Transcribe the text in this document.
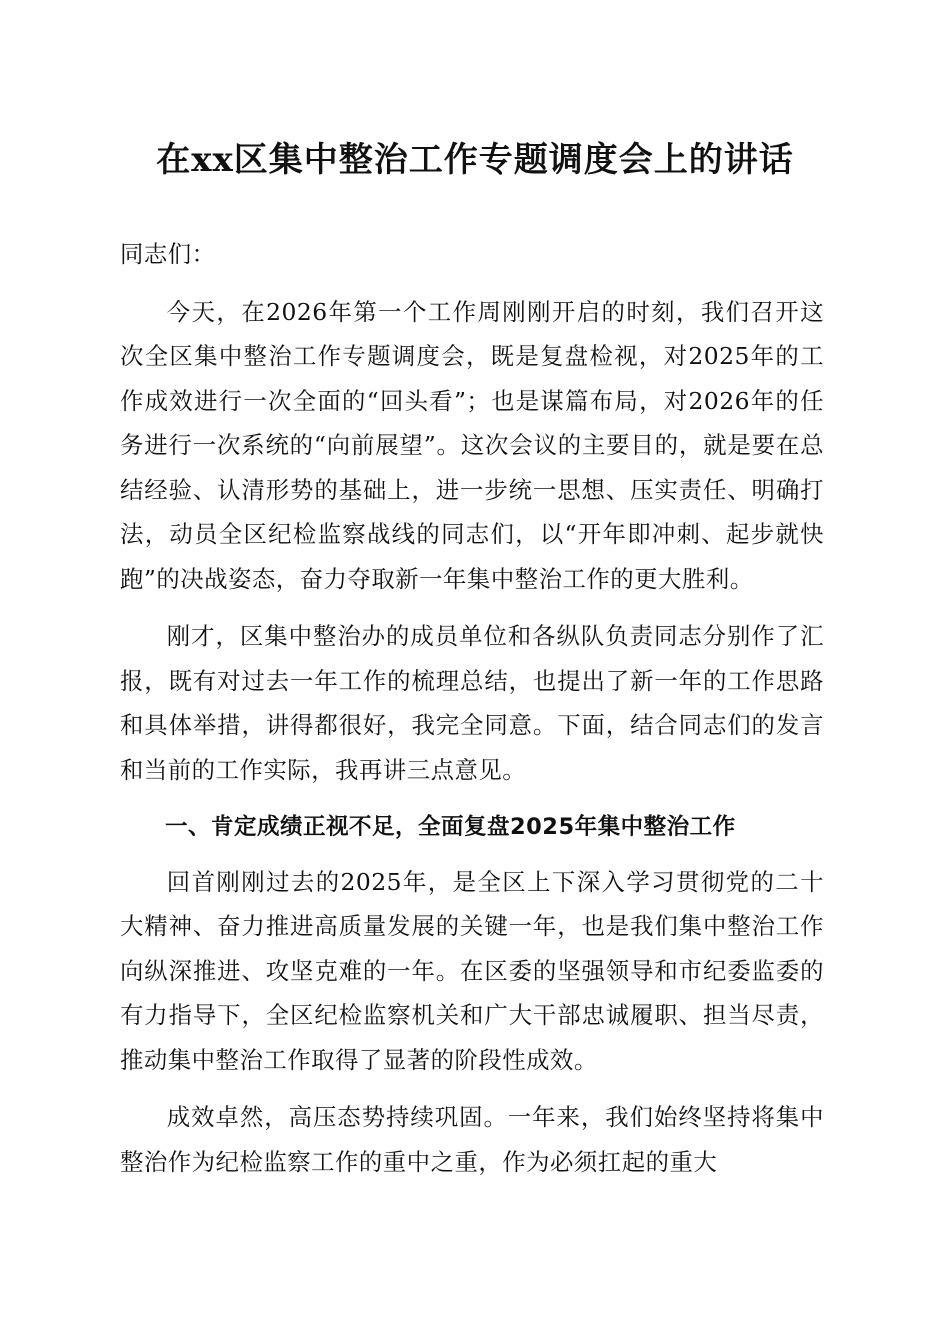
在xx区集中整治工作专题调度会上的讲话

同志们：

今天，在2026年第一个工作周刚刚开启的时刻，我们召开这次全区集中整治工作专题调度会，既是复盘检视，对2025年的工作成效进行一次全面的“回头看”；也是谋篇布局，对2026年的任务进行一次系统的“向前展望”。这次会议的主要目的，就是要在总结经验、认清形势的基础上，进一步统一思想、压实责任、明确打法，动员全区纪检监察战线的同志们，以“开年即冲刺、起步就快跑”的决战姿态，奋力夺取新一年集中整治工作的更大胜利。

刚才，区集中整治办的成员单位和各纵队负责同志分别作了汇报，既有对过去一年工作的梳理总结，也提出了新一年的工作思路和具体举措，讲得都很好，我完全同意。下面，结合同志们的发言和当前的工作实际，我再讲三点意见。

一、肯定成绩正视不足，全面复盘2025年集中整治工作

回首刚刚过去的2025年，是全区上下深入学习贯彻党的二十大精神、奋力推进高质量发展的关键一年，也是我们集中整治工作向纵深推进、攻坚克难的一年。在区委的坚强领导和市纪委监委的有力指导下，全区纪检监察机关和广大干部忠诚履职、担当尽责，推动集中整治工作取得了显著的阶段性成效。

成效卓然，高压态势持续巩固。一年来，我们始终坚持将集中整治作为纪检监察工作的重中之重，作为必须扛起的重大
